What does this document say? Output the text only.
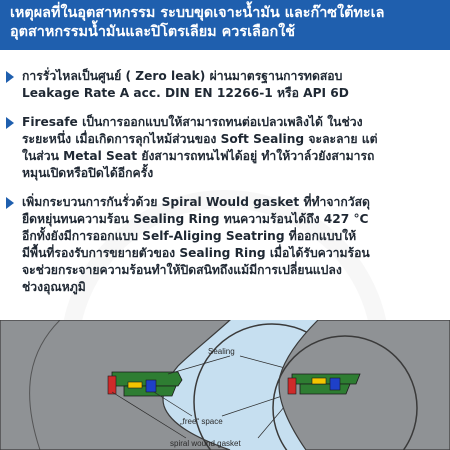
เหตุผลที่ในอุตสาหกรรม ระบบขุดเจาะน้ำมัน และก๊าซใต้ทะเล
อุตสาหกรรมน้ำมันและปิโตรเลียม ควรเลือกใช้
การรั่วไหลเป็นศูนย์ ( Zero leak) ผ่านมาตรฐานการทดสอบ
Leakage Rate A acc. DIN EN 12266-1 หรือ API 6D
Firesafe เป็นการออกแบบให้สามารถทนต่อเปลวเพลิงได้ ในช่วง
ระยะหนึ่ง เมื่อเกิดการลุกไหม้ส่วนของ Soft Sealing จะละลาย แต่
ในส่วน Metal Seat ยังสามารถทนไฟได้อยู่ ทำให้วาล์วยังสามารถ
หมุนเปิดหรือปิดได้อีกครั้ง
เพิ่มกระบวนการกันรั่วด้วย Spiral Would gasket ที่ทำจากวัสดุ
ยืดหยุ่นทนความร้อน Sealing Ring ทนความร้อนได้ถึง 427 °C
อีกทั้งยังมีการออกแบบ Self-Aliging Seatring ที่ออกแบบให้
มีพื้นที่รองรับการขยายตัวของ Sealing Ring เมื่อได้รับความร้อน
จะช่วยกระจายความร้อนทำให้ปิดสนิทถึงแม้มีการเปลี่ยนแปลง
ช่วงอุณหภูมิ
Sealing
„free“ space
spiral wound gasket
